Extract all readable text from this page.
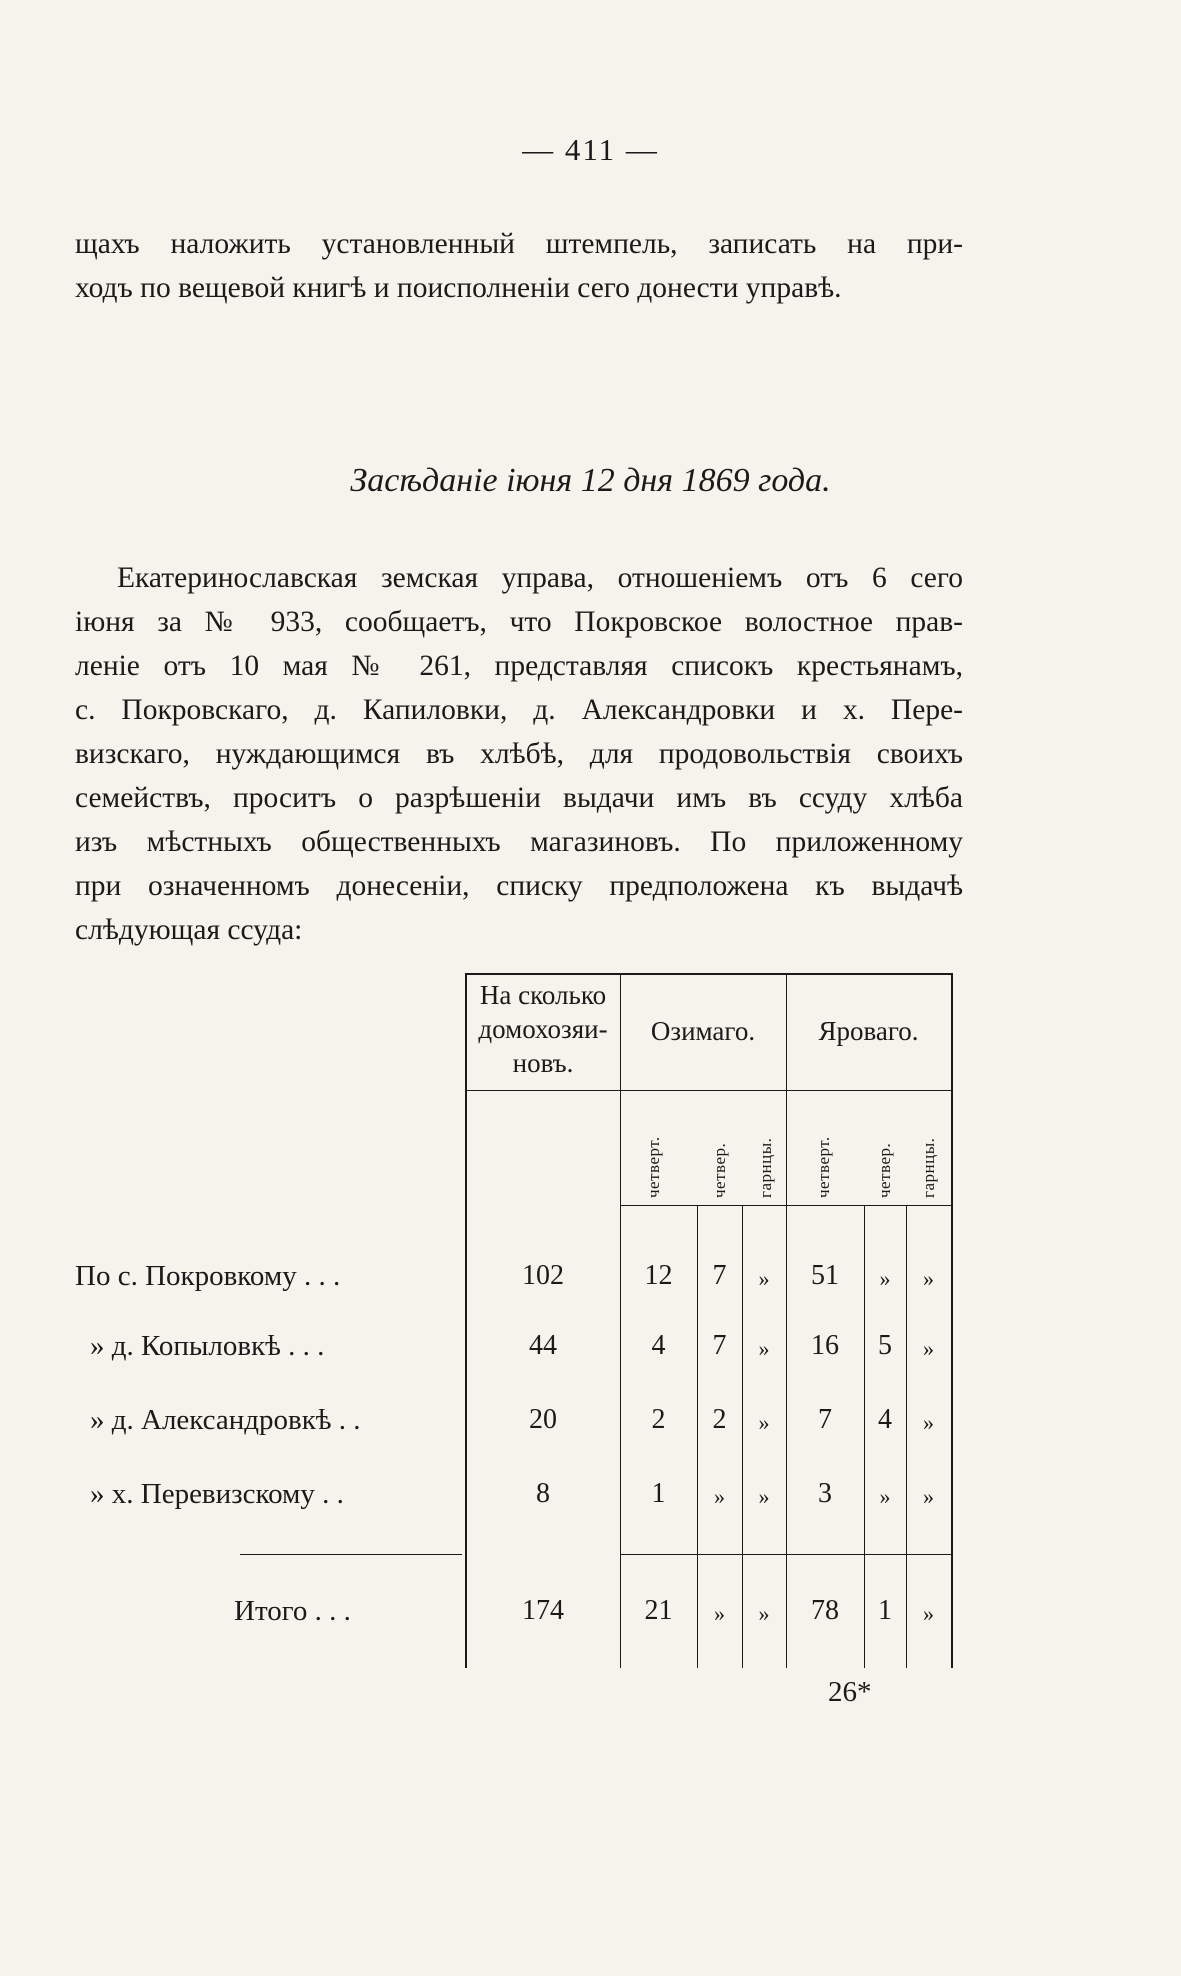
— 411 —
щахъ наложить установленный штемпель, записать на при-
ходъ по вещевой книгѣ и поисполненіи сего донести управѣ.
Засѣданіе іюня 12 дня 1869 года.
Екатеринославская земская управа, отношеніемъ отъ 6 сего
іюня за № 933, сообщаетъ, что Покровское волостное прав-
леніе отъ 10 мая № 261, представляя списокъ крестьянамъ,
с. Покровскаго, д. Капиловки, д. Александровки и х. Пере-
визскаго, нуждающимся въ хлѣбѣ, для продовольствія своихъ
семействъ, проситъ о разрѣшеніи выдачи имъ въ ссуду хлѣба
изъ мѣстныхъ общественныхъ магазиновъ. По приложенному
при означенномъ донесеніи, списку предположена къ выдачѣ
слѣдующая ссуда:
На сколько домохозяи-новъ.
Озимаго.	Яроваго.
четверт.	четвер. гарнцы. четверт. четвер. гарнцы.
По с. Покровкому . . .	102	12	7	»	51	»	»
» д. Копыловкѣ . . .	44	4	7	»	16	5	»
» д. Александровкѣ . .	20	2	2	»	7	4	»
» х. Перевизскому . .	8	1	»	»	3	»	»
Итого . . .	174	21	»	»	78	1	»
26*
